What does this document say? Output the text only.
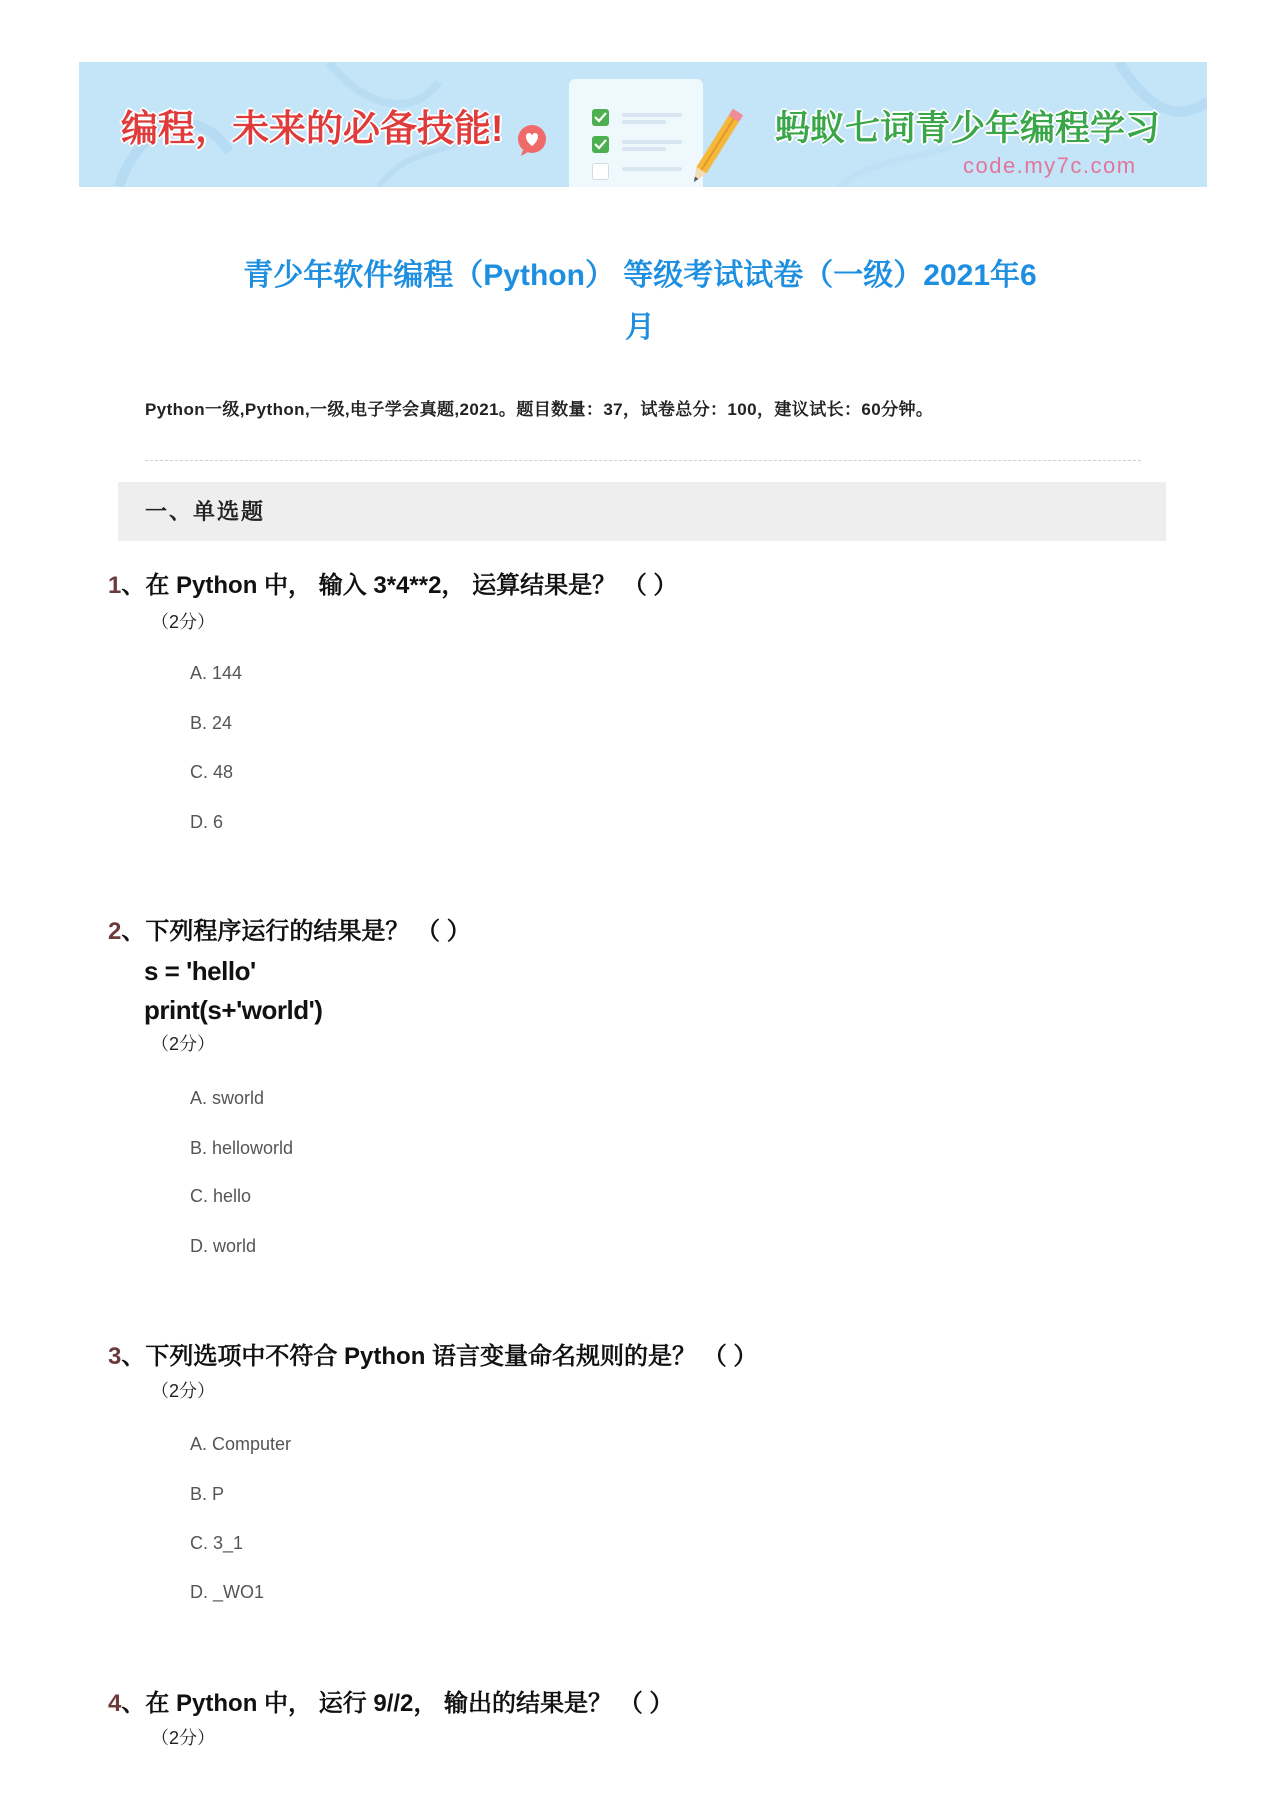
编程，未来的必备技能!	蚂蚁七词青少年编程学习
code.my7c.com
青少年软件编程（Python） 等级考试试卷（一级）2021年6
月
Python一级,Python,一级,电子学会真题,2021。题目数量：37，试卷总分：100，建议试长：60分钟。
一、单选题
1、在 Python 中， 输入 3*4**2， 运算结果是？ （ ）
（2分）
A. 144
B. 24
C. 48
D. 6
2、下列程序运行的结果是？ （ ）
s = 'hello'
print(s+'world')
（2分）
A. sworld
B. helloworld
C. hello
D. world
3、下列选项中不符合 Python 语言变量命名规则的是？ （ ）
（2分）
A. Computer
B. P
C. 3_1
D. _WO1
4、在 Python 中， 运行 9//2， 输出的结果是？ （ ）
（2分）
